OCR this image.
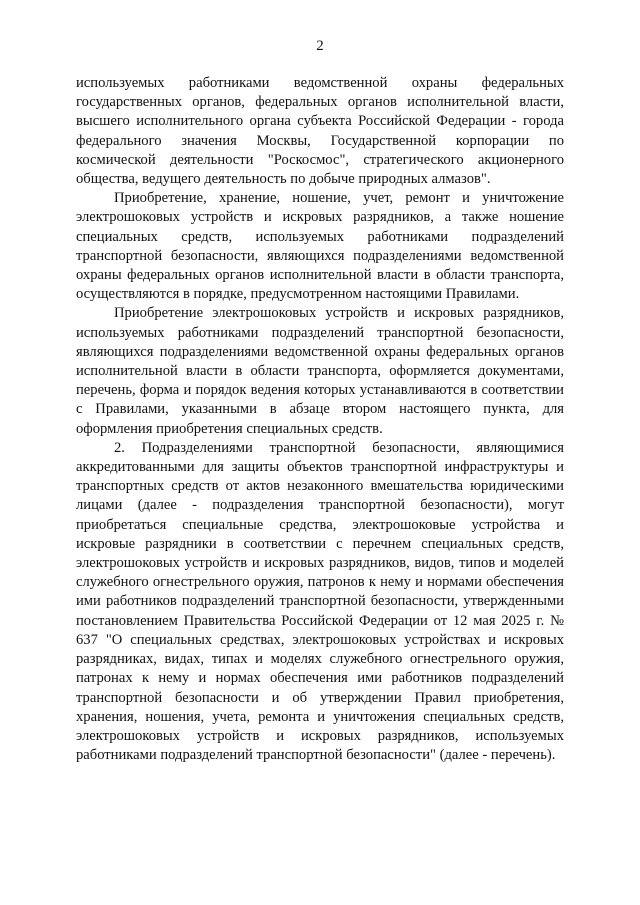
2

используемых работниками ведомственной охраны федеральных государственных органов, федеральных органов исполнительной власти, высшего исполнительного органа субъекта Российской Федерации - города федерального значения Москвы, Государственной корпорации по космической деятельности "Роскосмос", стратегического акционерного общества, ведущего деятельность по добыче природных алмазов".

Приобретение, хранение, ношение, учет, ремонт и уничтожение электрошоковых устройств и искровых разрядников, а также ношение специальных средств, используемых работниками подразделений транспортной безопасности, являющихся подразделениями ведомственной охраны федеральных органов исполнительной власти в области транспорта, осуществляются в порядке, предусмотренном настоящими Правилами.

Приобретение электрошоковых устройств и искровых разрядников, используемых работниками подразделений транспортной безопасности, являющихся подразделениями ведомственной охраны федеральных органов исполнительной власти в области транспорта, оформляется документами, перечень, форма и порядок ведения которых устанавливаются в соответствии с Правилами, указанными в абзаце втором настоящего пункта, для оформления приобретения специальных средств.

2. Подразделениями транспортной безопасности, являющимися аккредитованными для защиты объектов транспортной инфраструктуры и транспортных средств от актов незаконного вмешательства юридическими лицами (далее - подразделения транспортной безопасности), могут приобретаться специальные средства, электрошоковые устройства и искровые разрядники в соответствии с перечнем специальных средств, электрошоковых устройств и искровых разрядников, видов, типов и моделей служебного огнестрельного оружия, патронов к нему и нормами обеспечения ими работников подразделений транспортной безопасности, утвержденными постановлением Правительства Российской Федерации от 12 мая 2025 г. № 637 "О специальных средствах, электрошоковых устройствах и искровых разрядниках, видах, типах и моделях служебного огнестрельного оружия, патронах к нему и нормах обеспечения ими работников подразделений транспортной безопасности и об утверждении Правил приобретения, хранения, ношения, учета, ремонта и уничтожения специальных средств, электрошоковых устройств и искровых разрядников, используемых работниками подразделений транспортной безопасности" (далее - перечень).
